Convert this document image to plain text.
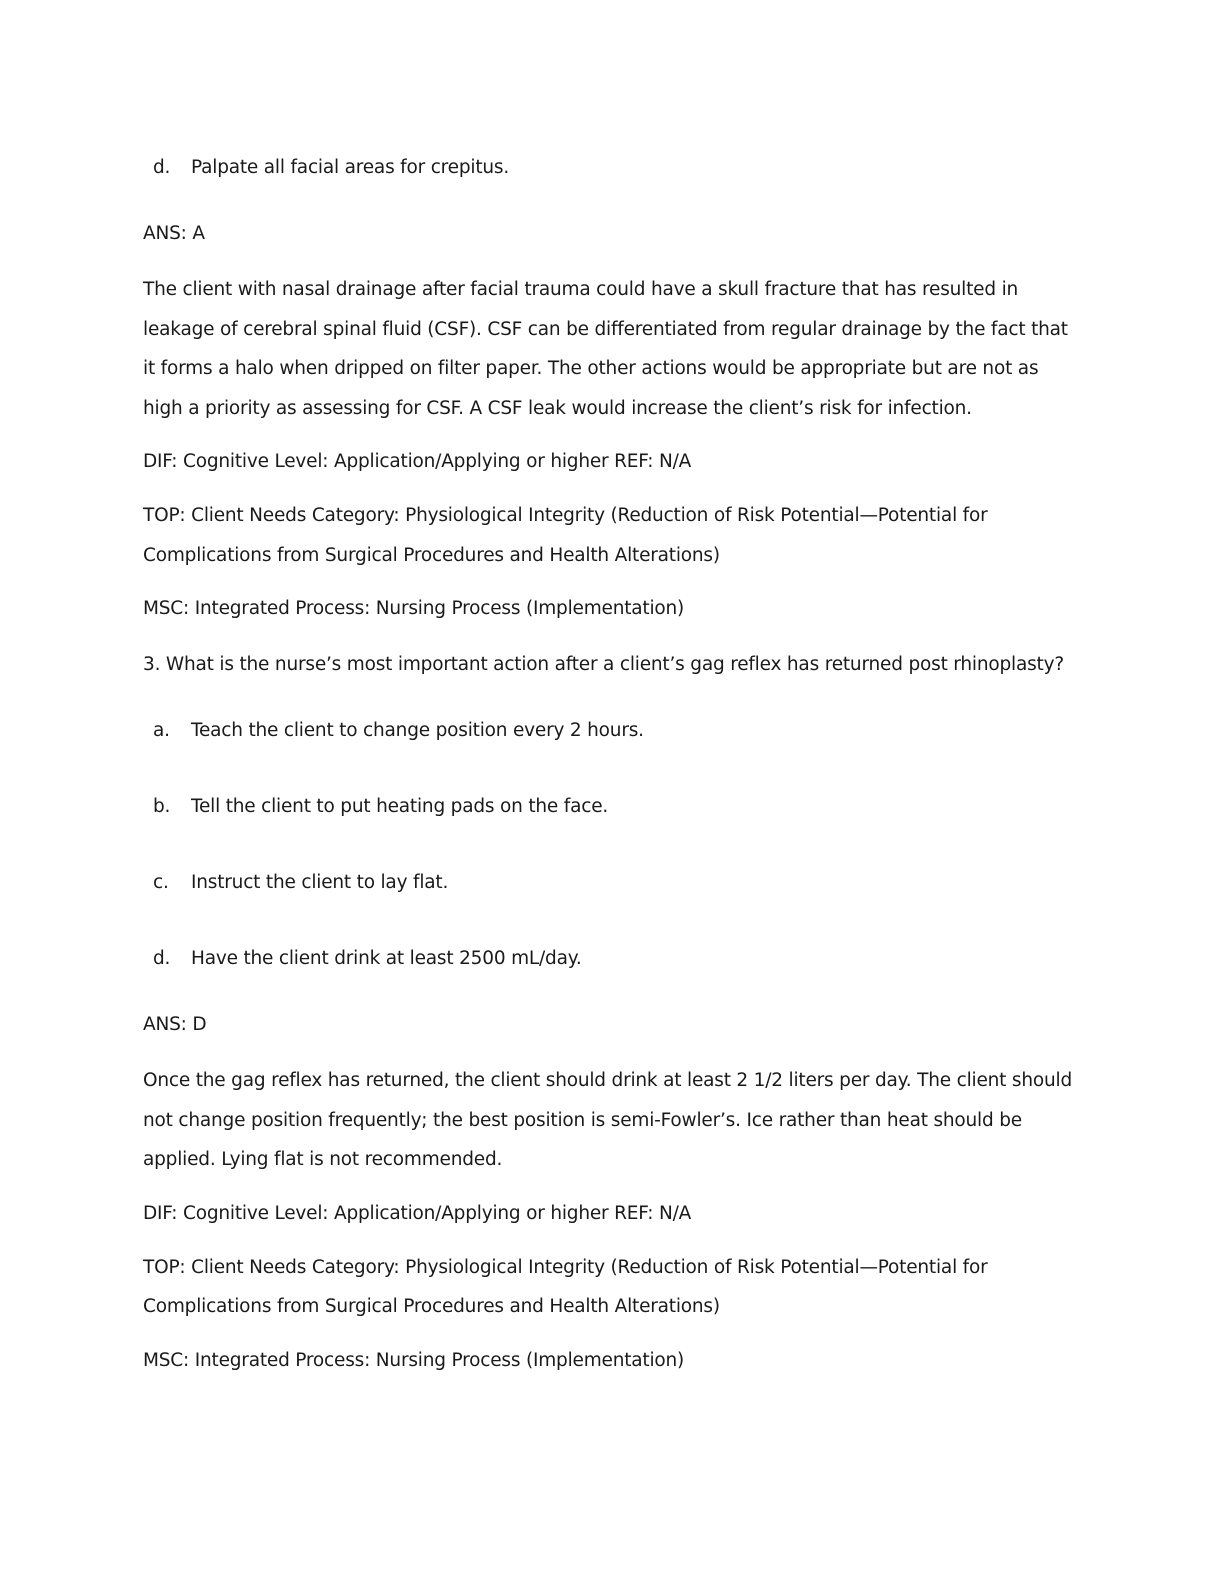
d.	Palpate all facial areas for crepitus.

ANS: A

The client with nasal drainage after facial trauma could have a skull fracture that has resulted in leakage of cerebral spinal fluid (CSF). CSF can be differentiated from regular drainage by the fact that it forms a halo when dripped on filter paper. The other actions would be appropriate but are not as high a priority as assessing for CSF. A CSF leak would increase the client’s risk for infection.

DIF: Cognitive Level: Application/Applying or higher REF: N/A

TOP: Client Needs Category: Physiological Integrity (Reduction of Risk Potential—Potential for Complications from Surgical Procedures and Health Alterations)

MSC: Integrated Process: Nursing Process (Implementation)

3. What is the nurse’s most important action after a client’s gag reflex has returned post rhinoplasty?

a.	Teach the client to change position every 2 hours.
b.	Tell the client to put heating pads on the face.
c.	Instruct the client to lay flat.
d.	Have the client drink at least 2500 mL/day.

ANS: D

Once the gag reflex has returned, the client should drink at least 2 1/2 liters per day. The client should not change position frequently; the best position is semi-Fowler’s. Ice rather than heat should be applied. Lying flat is not recommended.

DIF: Cognitive Level: Application/Applying or higher REF: N/A

TOP: Client Needs Category: Physiological Integrity (Reduction of Risk Potential—Potential for Complications from Surgical Procedures and Health Alterations)

MSC: Integrated Process: Nursing Process (Implementation)
